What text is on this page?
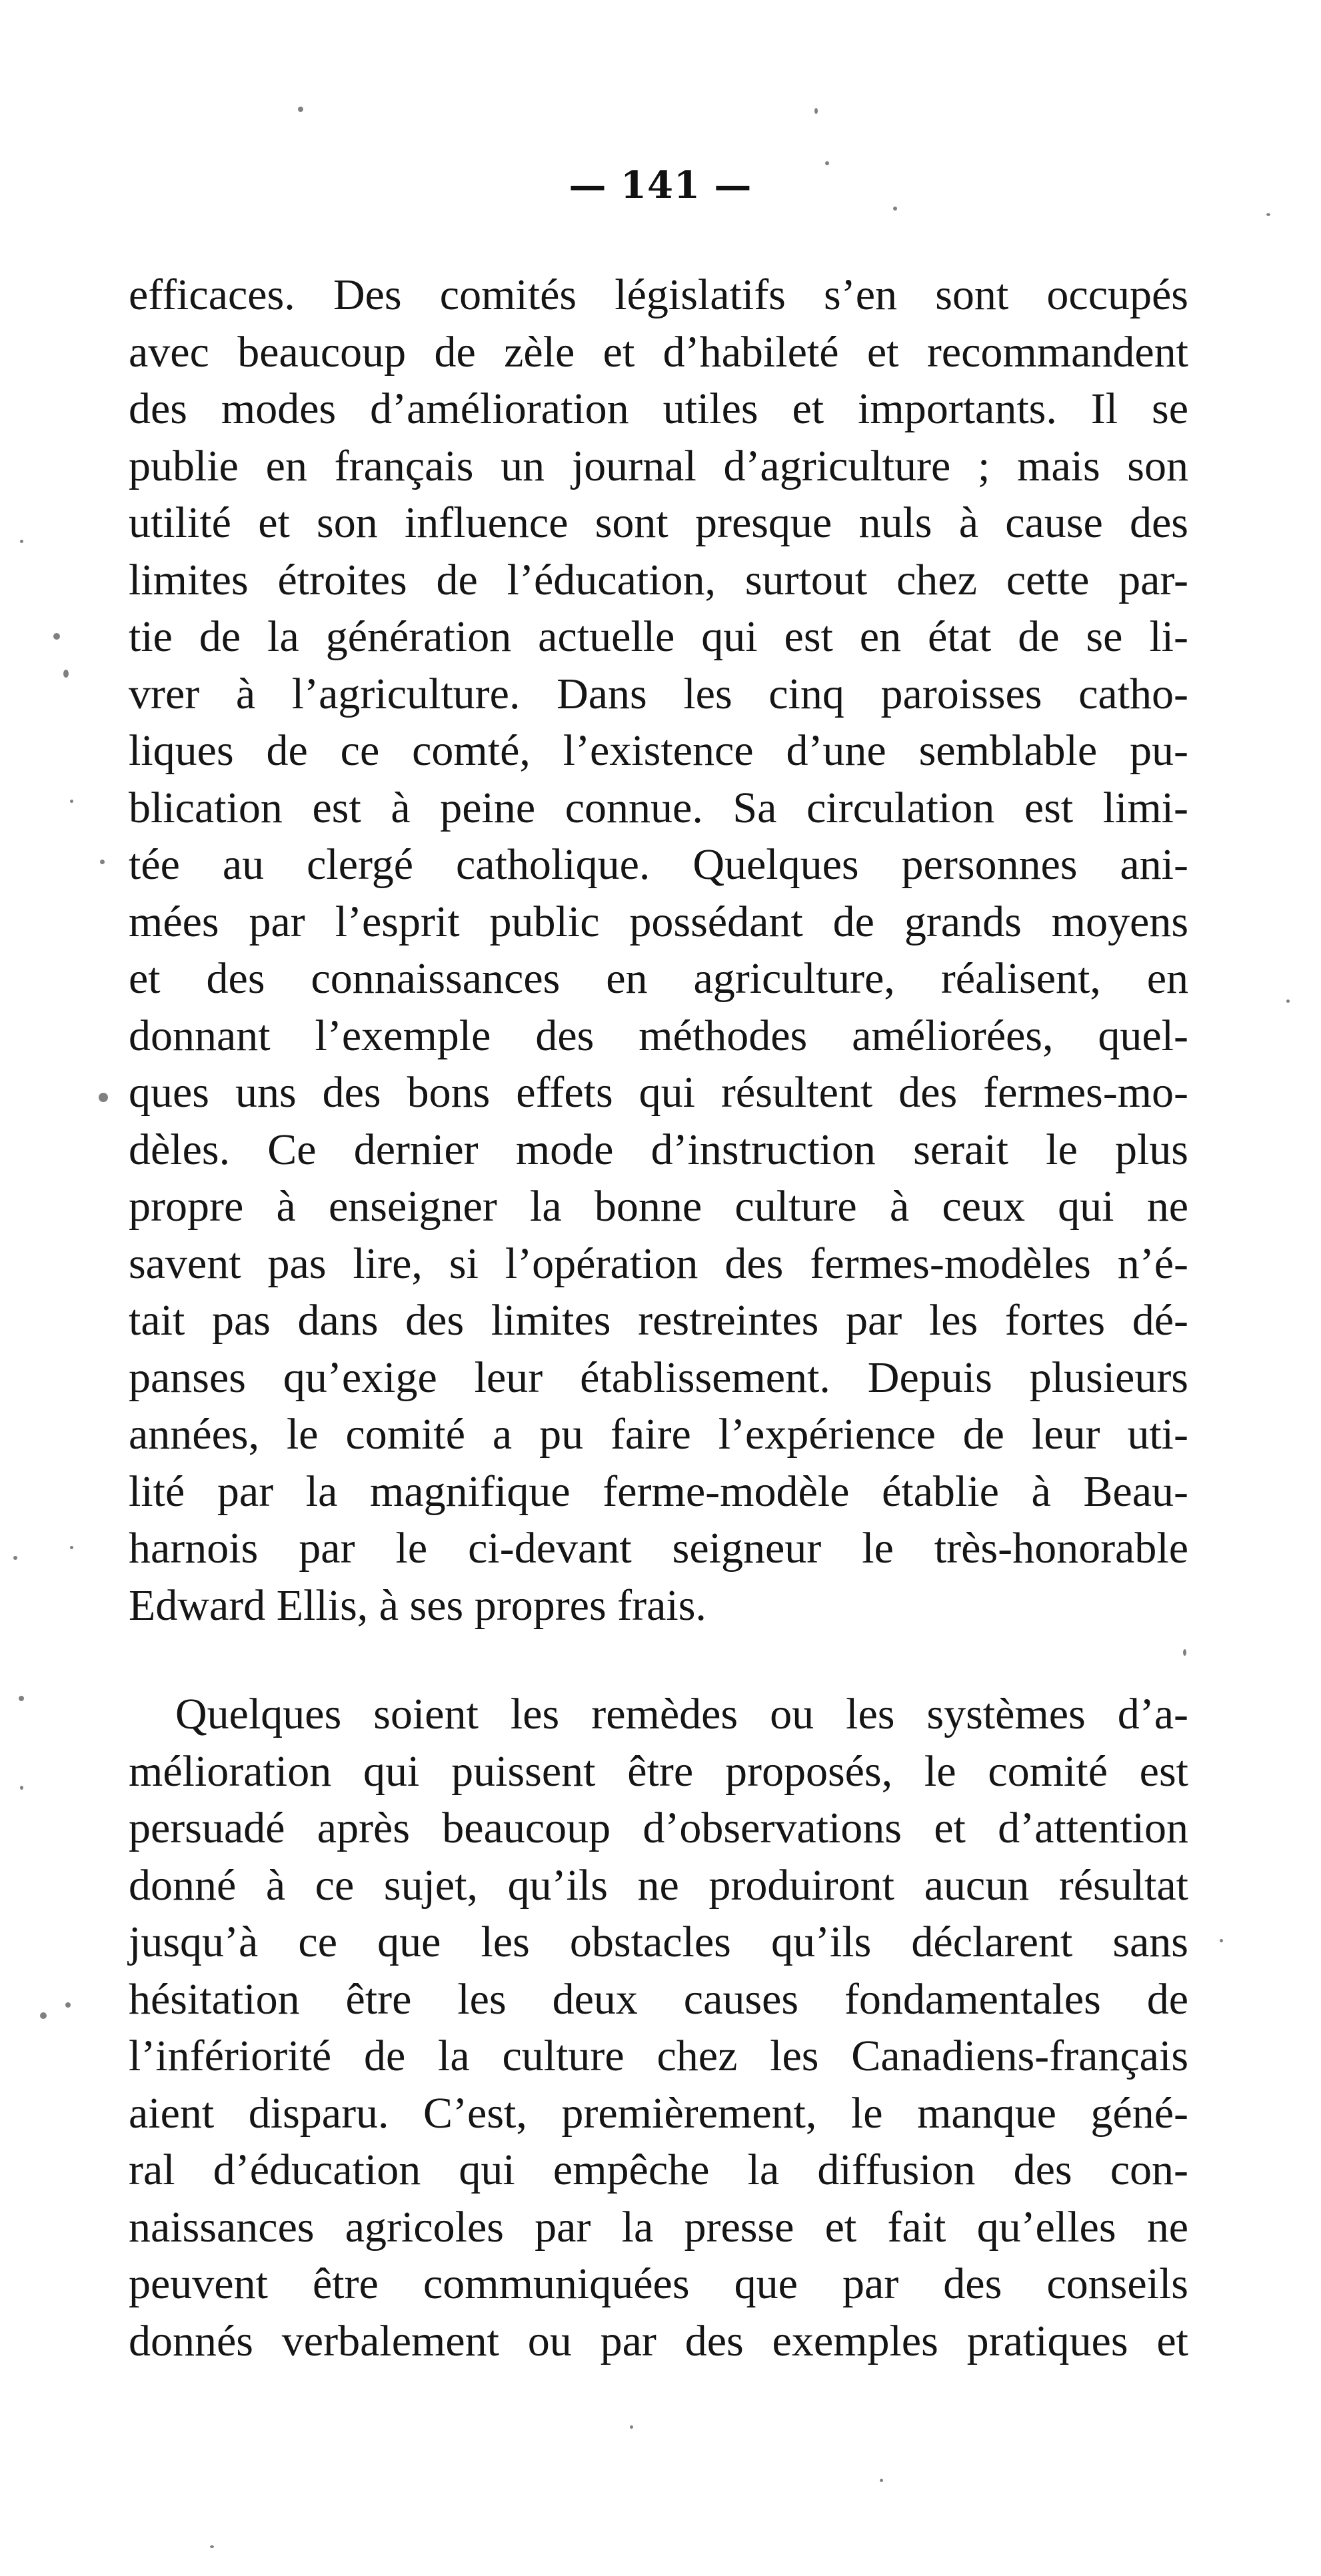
— 141 —
efficaces. Des comités législatifs s’en sont occupés
avec beaucoup de zèle et d’habileté et recommandent
des modes d’amélioration utiles et importants. Il se
publie en français un journal d’agriculture ; mais son
utilité et son influence sont presque nuls à cause des
limites étroites de l’éducation, surtout chez cette par-
tie de la génération actuelle qui est en état de se li-
vrer à l’agriculture. Dans les cinq paroisses catho-
liques de ce comté, l’existence d’une semblable pu-
blication est à peine connue. Sa circulation est limi-
tée au clergé catholique. Quelques personnes ani-
mées par l’esprit public possédant de grands moyens
et des connaissances en agriculture, réalisent, en
donnant l’exemple des méthodes améliorées, quel-
ques uns des bons effets qui résultent des fermes-mo-
dèles. Ce dernier mode d’instruction serait le plus
propre à enseigner la bonne culture à ceux qui ne
savent pas lire, si l’opération des fermes-modèles n’é-
tait pas dans des limites restreintes par les fortes dé-
panses qu’exige leur établissement. Depuis plusieurs
années, le comité a pu faire l’expérience de leur uti-
lité par la magnifique ferme-modèle établie à Beau-
harnois par le ci-devant seigneur le très-honorable
Edward Ellis, à ses propres frais.
Quelques soient les remèdes ou les systèmes d’a-
mélioration qui puissent être proposés, le comité est
persuadé après beaucoup d’observations et d’attention
donné à ce sujet, qu’ils ne produiront aucun résultat
jusqu’à ce que les obstacles qu’ils déclarent sans
hésitation être les deux causes fondamentales de
l’infériorité de la culture chez les Canadiens-français
aient disparu. C’est, premièrement, le manque géné-
ral d’éducation qui empêche la diffusion des con-
naissances agricoles par la presse et fait qu’elles ne
peuvent être communiquées que par des conseils
donnés verbalement ou par des exemples pratiques et
